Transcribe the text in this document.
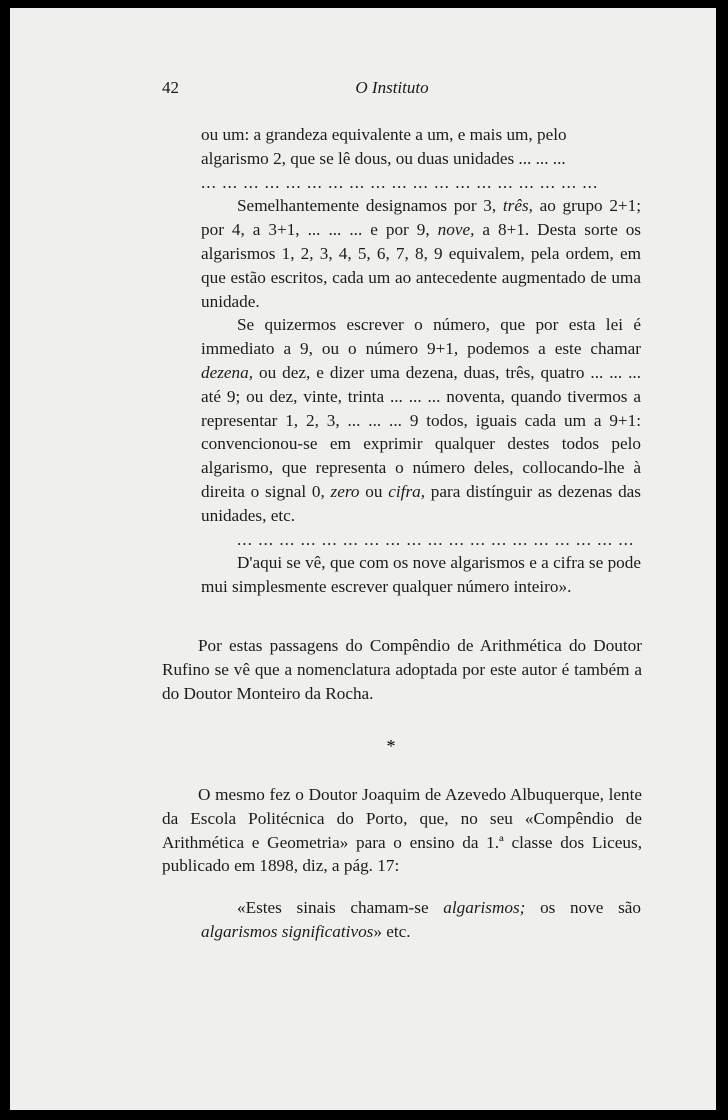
42	O Instituto

ou um: a grandeza equivalente a um, e mais um, pelo

algarismo 2, que se lê dous, ou duas unidades ... ... ...

... ... ... ... ... ... ... ... ... ... ... ... ... ... ... ... ... ... ...

Semelhantemente designamos por 3, três, ao grupo 2+1; por 4, a 3+1, ... ... ... e por 9, nove, a 8+1. Desta sorte os algarismos 1, 2, 3, 4, 5, 6, 7, 8, 9 equivalem, pela ordem, em que estão escritos, cada um ao antecedente augmentado de uma unidade.

Se quizermos escrever o número, que por esta lei é immediato a 9, ou o número 9+1, podemos a este chamar dezena, ou dez, e dizer uma dezena, duas, três, quatro ... ... ... até 9; ou dez, vinte, trinta ... ... ... noventa, quando tivermos a representar 1, 2, 3, ... ... ... 9 todos, iguais cada um a 9+1: convencionou-se em exprimir qualquer destes todos pelo algarismo, que representa o número deles, collocando-lhe à direita o signal 0, zero ou cifra, para distínguir as dezenas das unidades, etc.

... ... ... ... ... ... ... ... ... ... ... ... ... ... ... ... ... ... ...

D'aqui se vê, que com os nove algarismos e a cifra se pode mui simplesmente escrever qualquer número inteiro».

Por estas passagens do Compêndio de Arithmética do Doutor Rufino se vê que a nomenclatura adoptada por este autor é também a do Doutor Monteiro da Rocha.

*

O mesmo fez o Doutor Joaquim de Azevedo Albuquerque, lente da Escola Politécnica do Porto, que, no seu «Compêndio de Arithmética e Geometria» para o ensino da 1.ª classe dos Liceus, publicado em 1898, diz, a pág. 17:

«Estes sinais chamam-se algarismos; os nove são algarismos significativos» etc.
